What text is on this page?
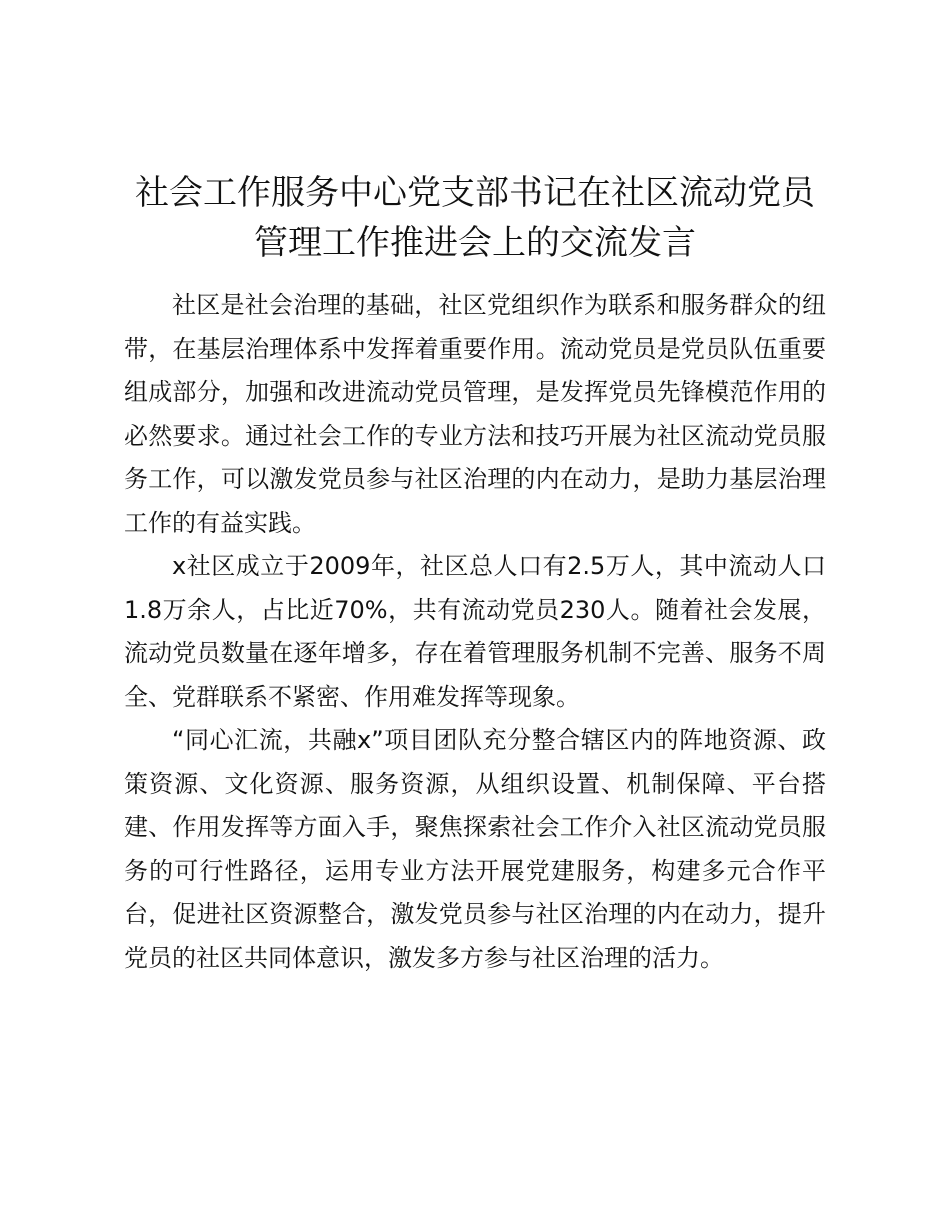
社会工作服务中心党支部书记在社区流动党员
管理工作推进会上的交流发言

社区是社会治理的基础，社区党组织作为联系和服务群众的纽带，在基层治理体系中发挥着重要作用。流动党员是党员队伍重要组成部分，加强和改进流动党员管理，是发挥党员先锋模范作用的必然要求。通过社会工作的专业方法和技巧开展为社区流动党员服务工作，可以激发党员参与社区治理的内在动力，是助力基层治理工作的有益实践。

x社区成立于2009年，社区总人口有2.5万人，其中流动人口1.8万余人，占比近70%，共有流动党员230人。随着社会发展，流动党员数量在逐年增多，存在着管理服务机制不完善、服务不周全、党群联系不紧密、作用难发挥等现象。

“同心汇流，共融x”项目团队充分整合辖区内的阵地资源、政策资源、文化资源、服务资源，从组织设置、机制保障、平台搭建、作用发挥等方面入手，聚焦探索社会工作介入社区流动党员服务的可行性路径，运用专业方法开展党建服务，构建多元合作平台，促进社区资源整合，激发党员参与社区治理的内在动力，提升党员的社区共同体意识，激发多方参与社区治理的活力。
